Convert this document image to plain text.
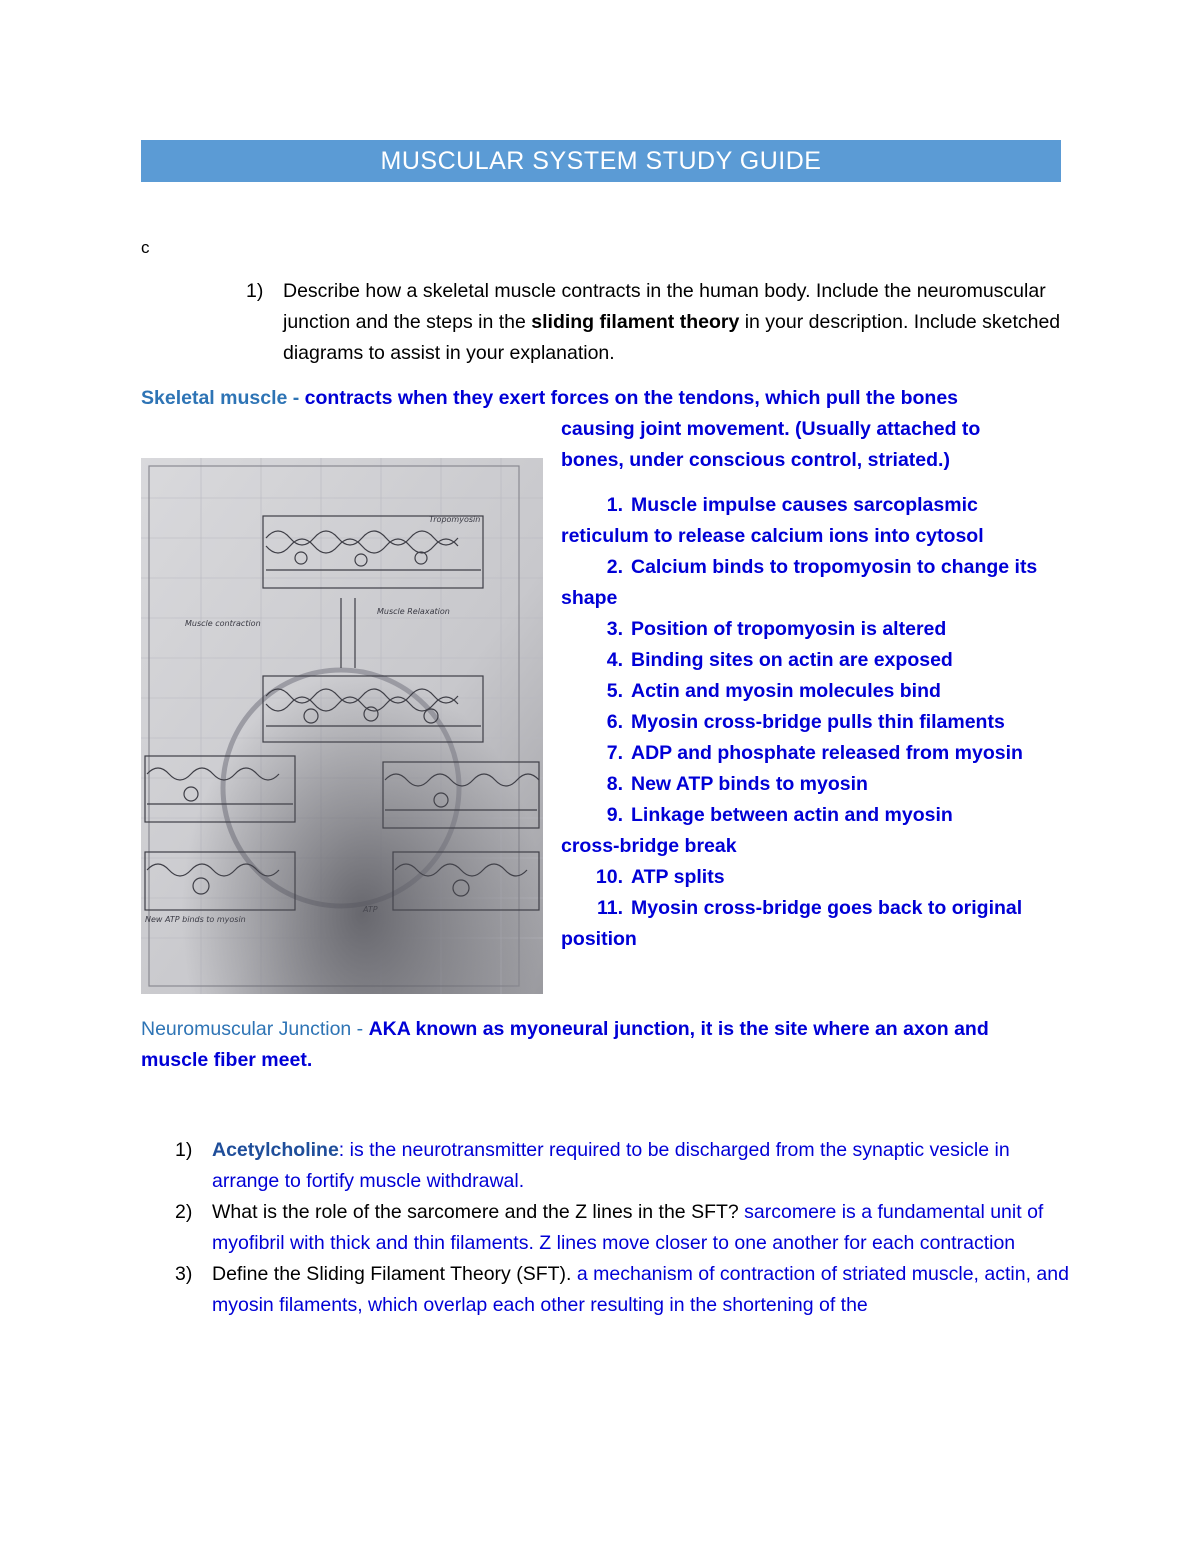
MUSCULAR SYSTEM STUDY GUIDE
c
1) Describe how a skeletal muscle contracts in the human body. Include the neuromuscular junction and the steps in the sliding filament theory in your description. Include sketched diagrams to assist in your explanation.
Skeletal muscle - contracts when they exert forces on the tendons, which pull the bones
causing joint movement. (Usually attached to bones, under conscious control, striated.)
1. Muscle impulse causes sarcoplasmic
reticulum to release calcium ions into cytosol
2. Calcium binds to tropomyosin to change its
shape
3. Position of tropomyosin is altered
4. Binding sites on actin are exposed
5. Actin and myosin molecules bind
6. Myosin cross-bridge pulls thin filaments
7. ADP and phosphate released from myosin
8. New ATP binds to myosin
9. Linkage between actin and myosin
cross-bridge break
10. ATP splits
11. Myosin cross-bridge goes back to original
position
Neuromuscular Junction - AKA known as myoneural junction, it is the site where an axon and muscle fiber meet.
1) Acetylcholine: is the neurotransmitter required to be discharged from the synaptic vesicle in arrange to fortify muscle withdrawal.
2) What is the role of the sarcomere and the Z lines in the SFT? sarcomere is a fundamental unit of myofibril with thick and thin filaments. Z lines move closer to one another for each contraction
3) Define the Sliding Filament Theory (SFT). a mechanism of contraction of striated muscle, actin, and myosin filaments, which overlap each other resulting in the shortening of the
